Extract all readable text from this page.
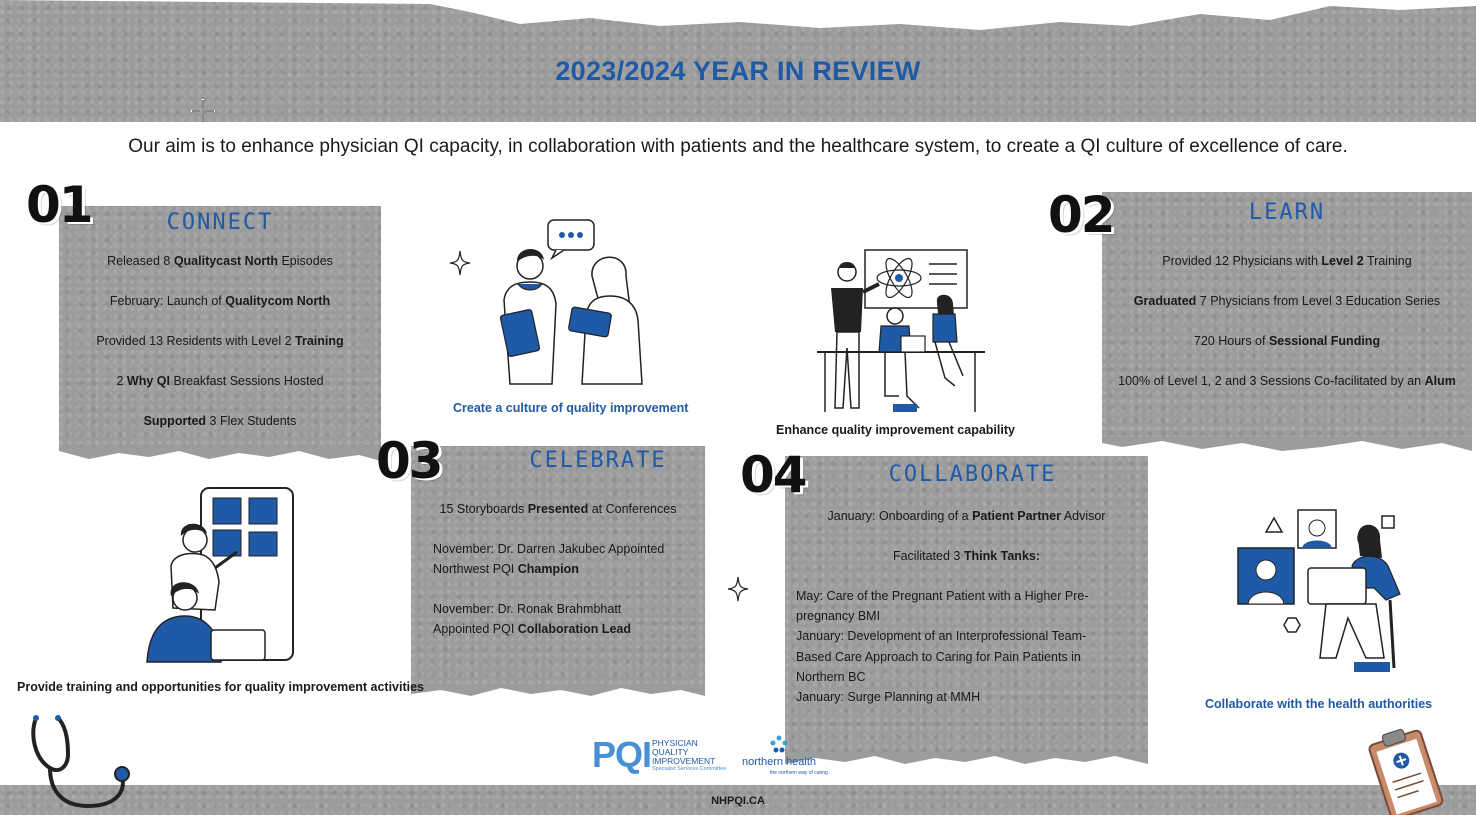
2023/2024 YEAR IN REVIEW
Our aim is to enhance physician QI capacity, in collaboration with patients and the healthcare system, to create a QI culture of excellence of care.
CONNECT
Released 8 Qualitycast North Episodes
February: Launch of Qualitycom North
Provided 13 Residents with Level 2 Training
2 Why QI Breakfast Sessions Hosted
Supported 3 Flex Students
01	LEARN
Provided 12 Physicians with Level 2 Training
Graduated 7 Physicians from Level 3 Education Series
720 Hours of Sessional Funding
100% of Level 1, 2 and 3 Sessions Co-facilitated by an Alum
02
CELEBRATE
15 Storyboards Presented at Conferences
November: Dr. Darren Jakubec Appointed
Northwest PQI Champion
November: Dr. Ronak Brahmbhatt
Appointed PQI Collaboration Lead
03	COLLABORATE
January: Onboarding of a Patient Partner Advisor
Facilitated 3 Think Tanks:
May: Care of the Pregnant Patient with a Higher Pre-
pregnancy BMI
January: Development of an Interprofessional Team-
Based Care Approach to Caring for Pain Patients in
Northern BC
January: Surge Planning at MMH
04
Create a culture of quality improvement
Enhance quality improvement capability
Provide training and opportunities for quality improvement activities
Collaborate with the health authorities
NHPQI.CA
PQI PHYSICIAN
QUALITY
IMPROVEMENT
Specialist Services Committee
northern health
the northern way of caring
